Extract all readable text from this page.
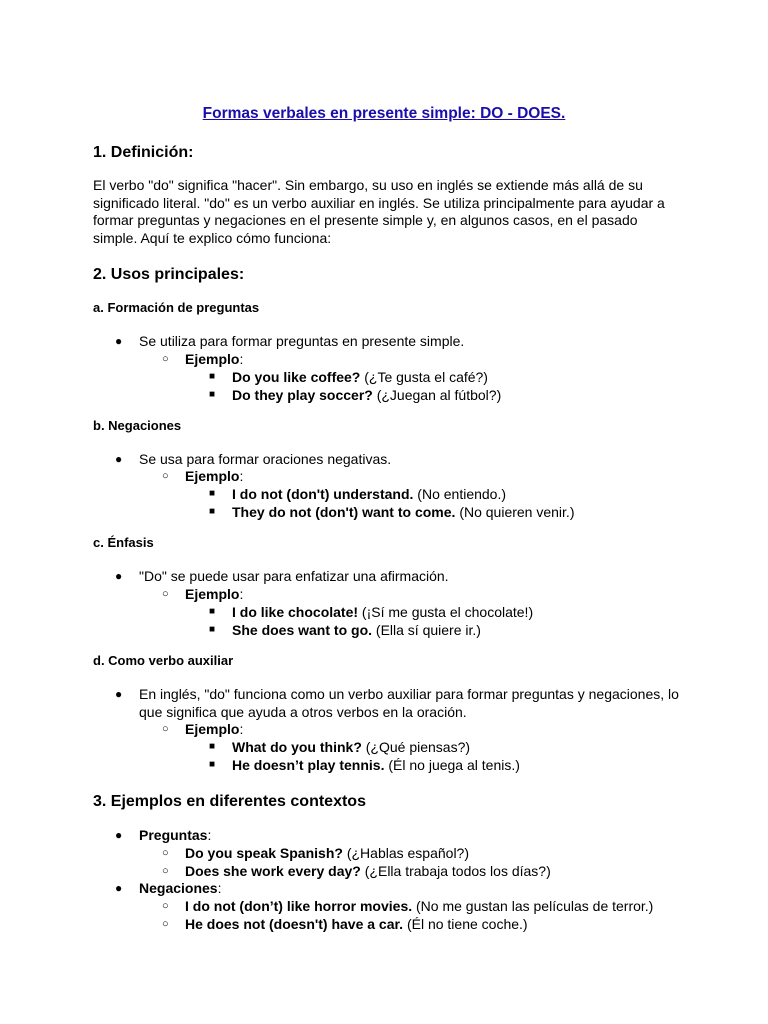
Formas verbales en presente simple: DO - DOES.
1. Definición:

El verbo "do" significa "hacer". Sin embargo, su uso en inglés se extiende más allá de su significado literal. "do" es un verbo auxiliar en inglés. Se utiliza principalmente para ayudar a formar preguntas y negaciones en el presente simple y, en algunos casos, en el pasado simple. Aquí te explico cómo funciona:

2. Usos principales:
a. Formación de preguntas
● Se utiliza para formar preguntas en presente simple.

○ Ejemplo:

■ Do you like coffee? (¿Te gusta el café?)

■ Do they play soccer? (¿Juegan al fútbol?)

b. Negaciones
● Se usa para formar oraciones negativas.

○ Ejemplo:

■ I do not (don't) understand. (No entiendo.)

■ They do not (don't) want to come. (No quieren venir.)

c. Énfasis
● "Do" se puede usar para enfatizar una afirmación.

○ Ejemplo:

■ I do like chocolate! (¡Sí me gusta el chocolate!)

■ She does want to go. (Ella sí quiere ir.)

d. Como verbo auxiliar
● En inglés, "do" funciona como un verbo auxiliar para formar preguntas y negaciones, lo que significa que ayuda a otros verbos en la oración.

○ Ejemplo:

■ What do you think? (¿Qué piensas?)

■ He doesn’t play tennis. (Él no juega al tenis.)

3. Ejemplos en diferentes contextos
● Preguntas:

○ Do you speak Spanish? (¿Hablas español?)

○ Does she work every day? (¿Ella trabaja todos los días?)

● Negaciones:

○ I do not (don’t) like horror movies. (No me gustan las películas de terror.)

○ He does not (doesn't) have a car. (Él no tiene coche.)
